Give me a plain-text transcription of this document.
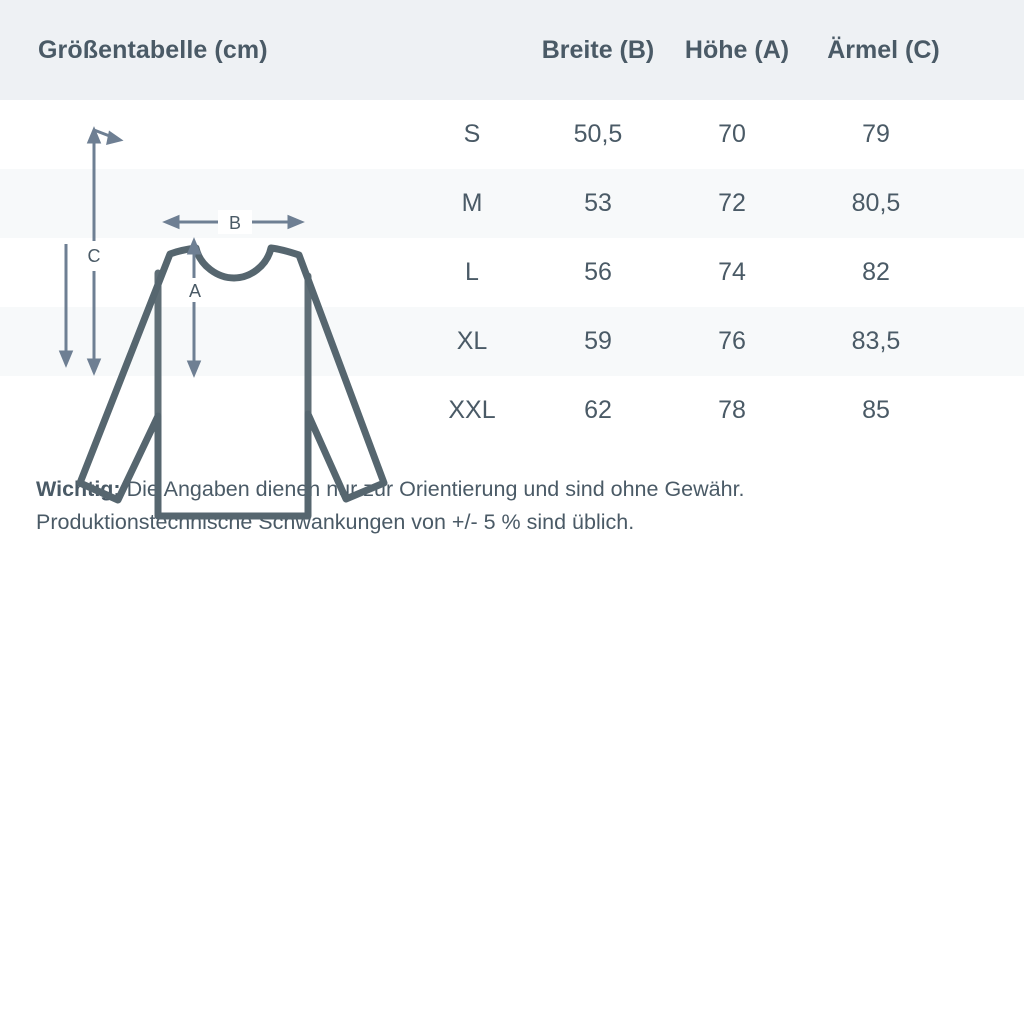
Größentabelle (cm)	Breite (B)	Höhe (A)	Ärmel (C)
B
A
C
S	50,5	70	79
M	53	72	80,5
L	56	74	82
XL	59	76	83,5
XXL	62	78	85
Wichtig: Die Angaben dienen nur zur Orientierung und sind ohne Gewähr.
Produktionstechnische Schwankungen von +/- 5 % sind üblich.
